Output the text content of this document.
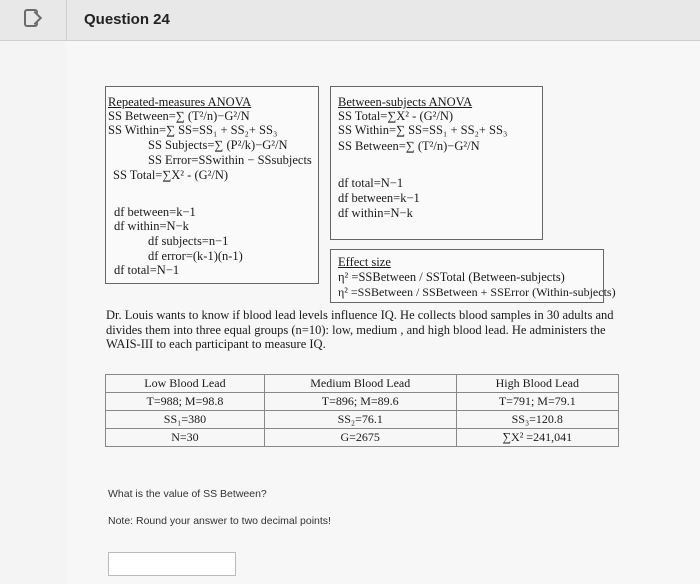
Question 24
Repeated-measures ANOVA
SS Between=∑ (T²/n)−G²/N
SS Within=∑ SS=SS₁ + SS₂+ SS₃
SS Subjects=∑ (P²/k)−G²/N
SS Error=SSwithin − SSsubjects
SS Total=∑X² - (G²/N)
df between=k−1
df within=N−k
df subjects=n−1
df error=(k-1)(n-1)
df total=N−1
Between-subjects ANOVA
SS Total=∑X² - (G²/N)
SS Within=∑ SS=SS₁ + SS₂+ SS₃
SS Between=∑ (T²/n)−G²/N
df total=N−1
df between=k−1
df within=N−k
Effect size
η² =SSBetween / SSTotal (Between-subjects)
η² =SSBetween / SSBetween + SSError (Within-subjects)
Dr. Louis wants to know if blood lead levels influence IQ. He collects blood samples in 30 adults and divides them into three equal groups (n=10): low, medium , and high blood lead. He administers the WAIS-III to each participant to measure IQ.
Low Blood Lead	Medium Blood Lead	High Blood Lead
T=988; M=98.8	T=896; M=89.6	T=791; M=79.1
SS₁=380	SS₂=76.1	SS₃=120.8
N=30	G=2675	∑X² =241,041
What is the value of SS Between?
Note: Round your answer to two decimal points!
